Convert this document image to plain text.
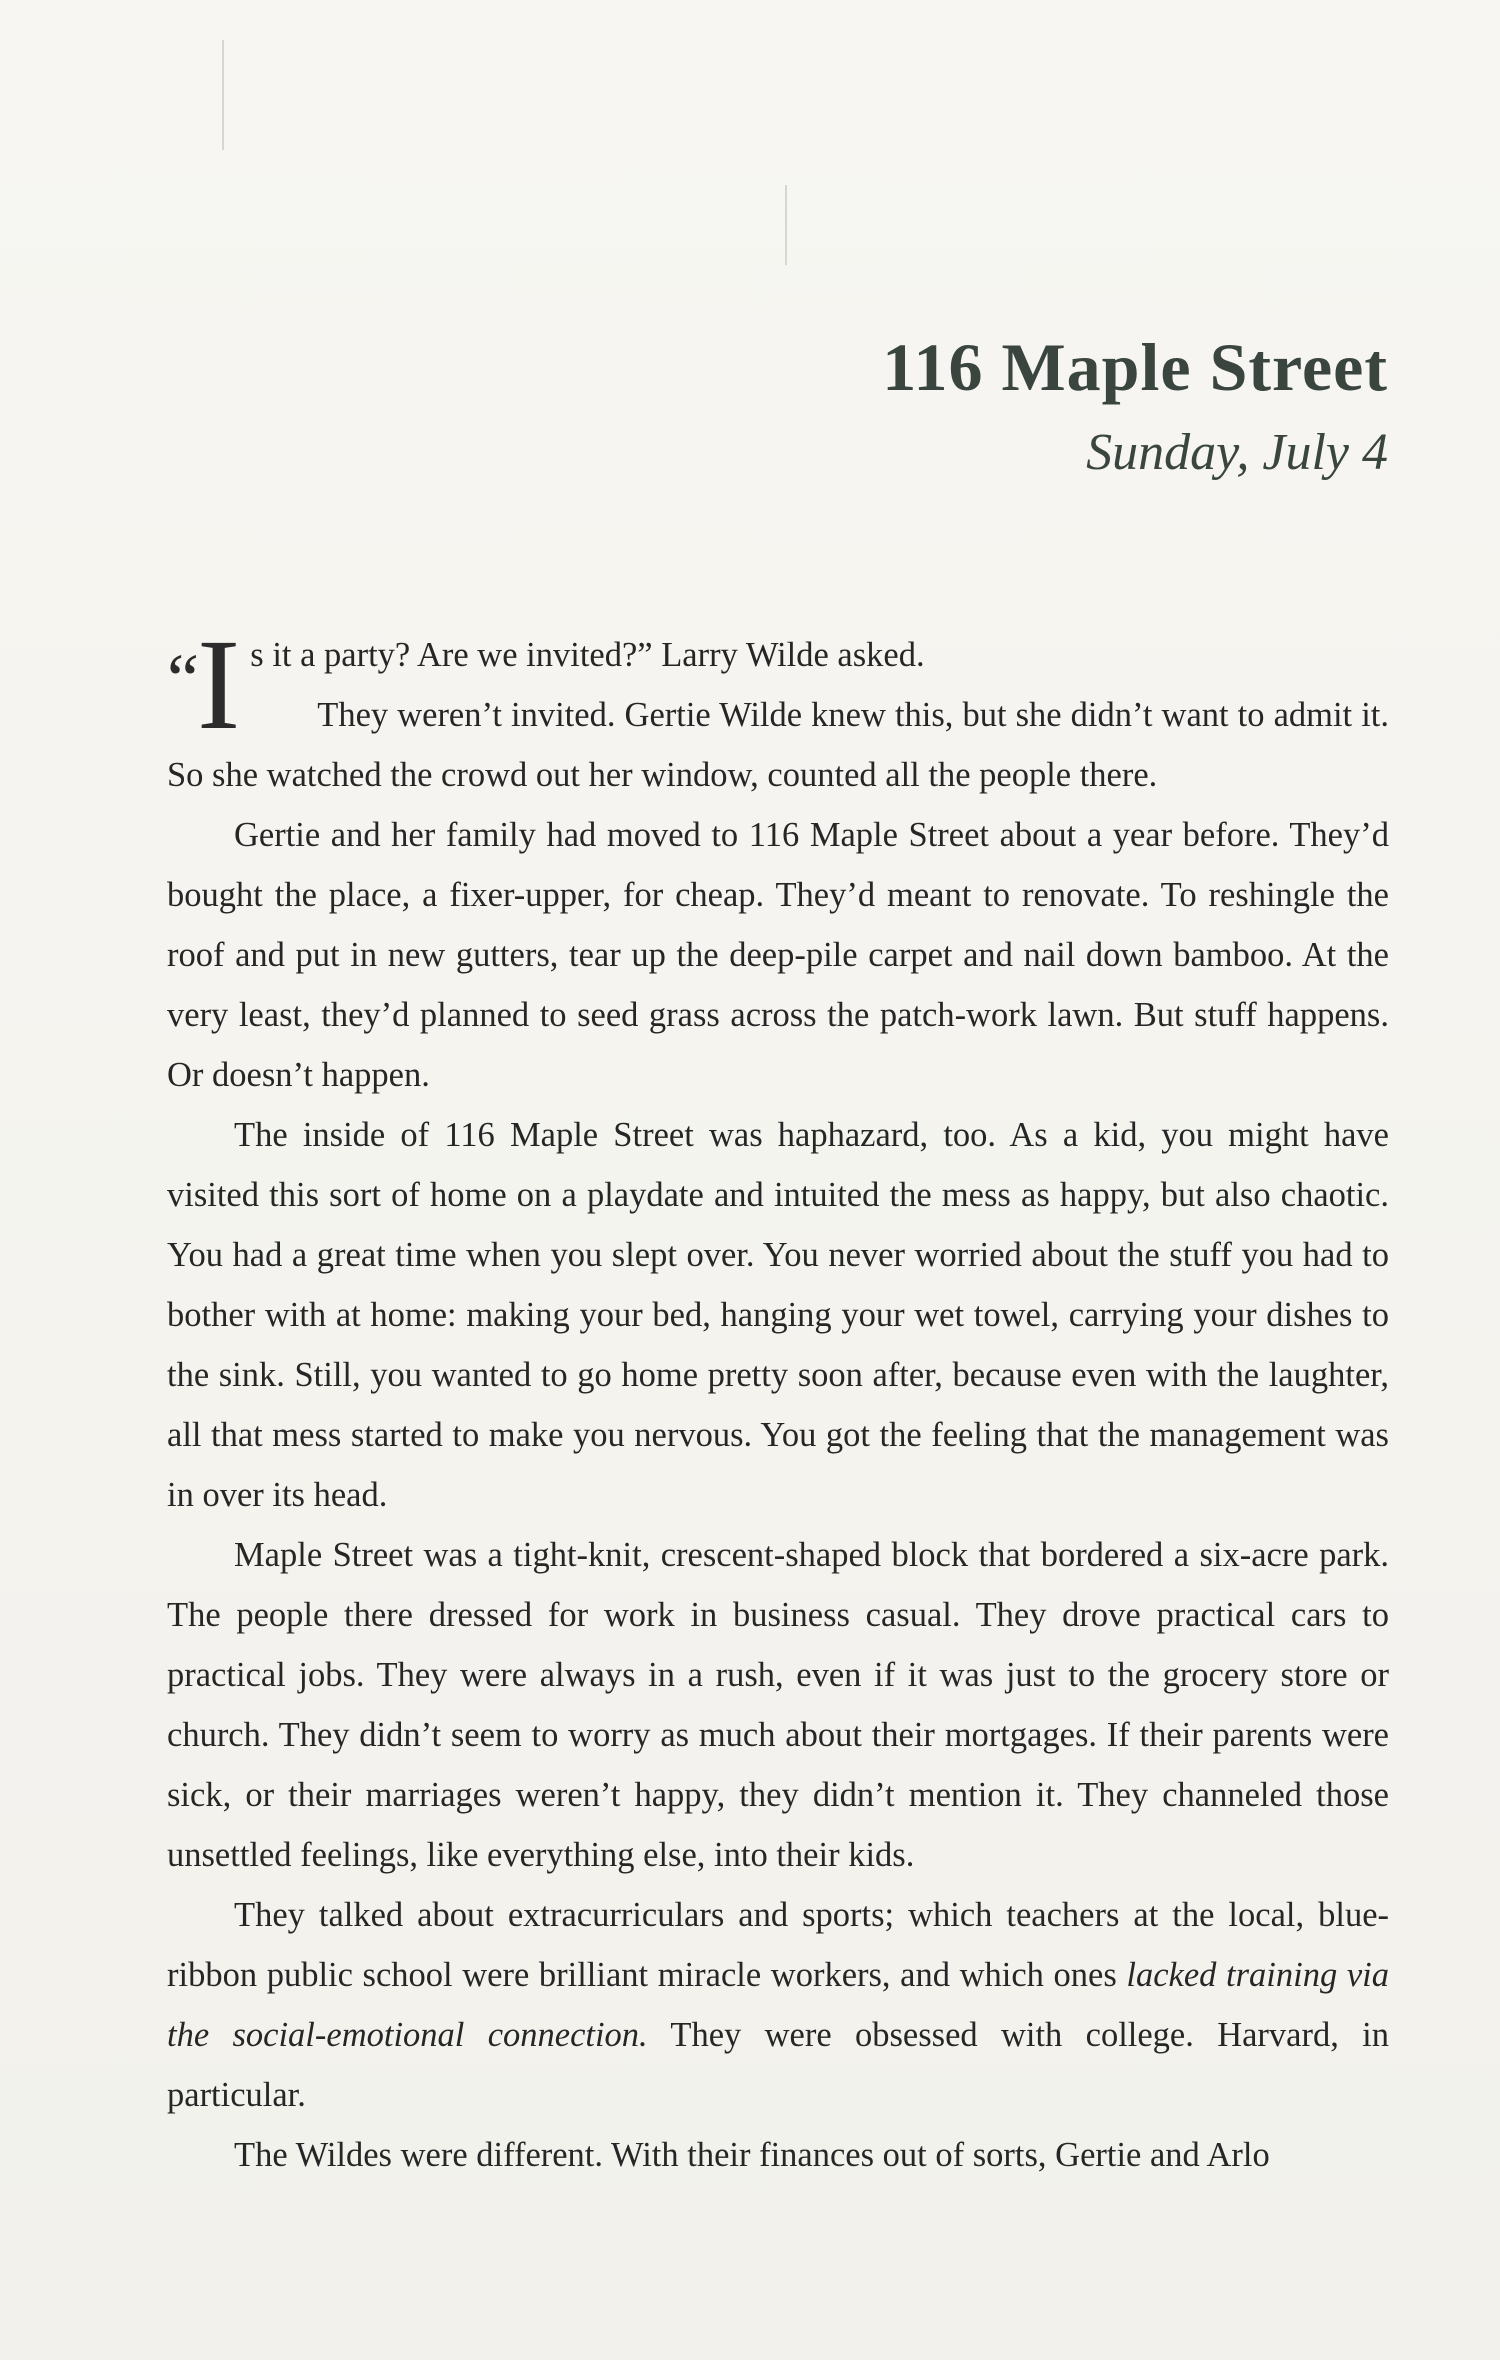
116 Maple Street
Sunday, July 4
“I s it a party? Are we invited?” Larry Wilde asked.
They weren’t invited. Gertie Wilde knew this, but she didn’t want to admit it. So she watched the crowd out her window, counted all the people there.

Gertie and her family had moved to 116 Maple Street about a year before. They’d bought the place, a fixer-upper, for cheap. They’d meant to renovate. To reshingle the roof and put in new gutters, tear up the deep-pile carpet and nail down bamboo. At the very least, they’d planned to seed grass across the patch-work lawn. But stuff happens. Or doesn’t happen.

The inside of 116 Maple Street was haphazard, too. As a kid, you might have visited this sort of home on a playdate and intuited the mess as happy, but also chaotic. You had a great time when you slept over. You never worried about the stuff you had to bother with at home: making your bed, hanging your wet towel, carrying your dishes to the sink. Still, you wanted to go home pretty soon after, because even with the laughter, all that mess started to make you nervous. You got the feeling that the management was in over its head.

Maple Street was a tight-knit, crescent-shaped block that bordered a six-acre park. The people there dressed for work in business casual. They drove practical cars to practical jobs. They were always in a rush, even if it was just to the grocery store or church. They didn’t seem to worry as much about their mortgages. If their parents were sick, or their marriages weren’t happy, they didn’t mention it. They channeled those unsettled feelings, like everything else, into their kids.

They talked about extracurriculars and sports; which teachers at the local, blue-ribbon public school were brilliant miracle workers, and which ones lacked training via the social-emotional connection. They were obsessed with college. Harvard, in particular.

The Wildes were different. With their finances out of sorts, Gertie and Arlo
